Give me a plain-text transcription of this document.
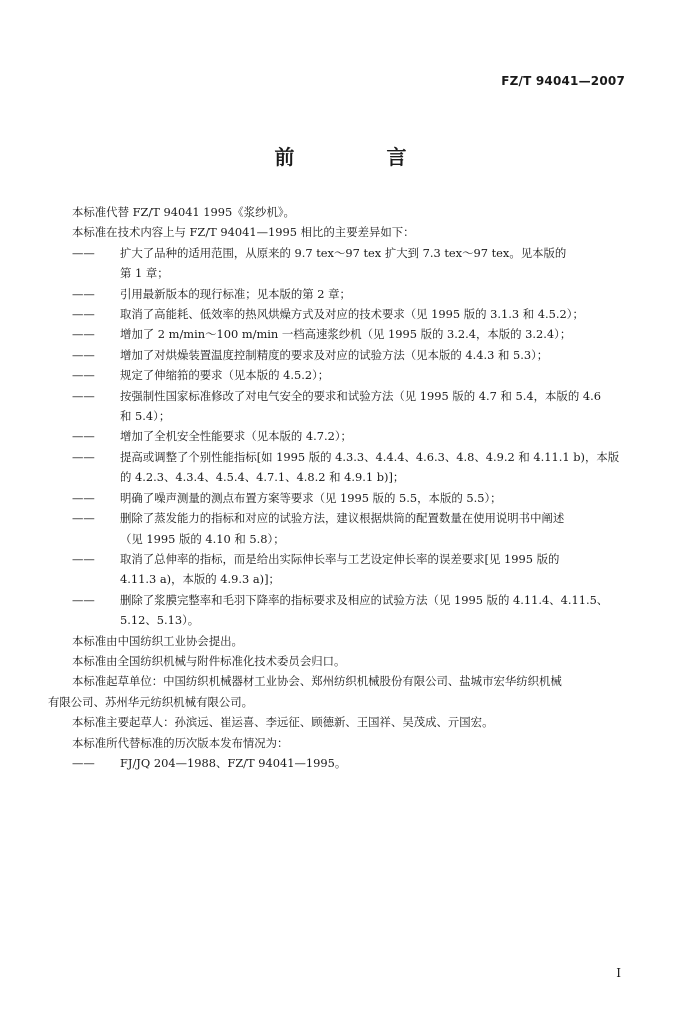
FZ/T 94041—2007
前　言
本标准代替 FZ/T 94041 1995《浆纱机》。
本标准在技术内容上与 FZ/T 94041—1995 相比的主要差异如下：
——	扩大了品种的适用范围，从原来的 9.7 tex～97 tex 扩大到 7.3 tex～97 tex。见本版的
第 1 章；
——	引用最新版本的现行标准；见本版的第 2 章；
——	取消了高能耗、低效率的热风烘燥方式及对应的技术要求（见 1995 版的 3.1.3 和 4.5.2）；
——	增加了 2 m/min～100 m/min 一档高速浆纱机（见 1995 版的 3.2.4，本版的 3.2.4）；
——	增加了对烘燥装置温度控制精度的要求及对应的试验方法（见本版的 4.4.3 和 5.3）；
——	规定了伸缩筘的要求（见本版的 4.5.2）；
——	按强制性国家标准修改了对电气安全的要求和试验方法（见 1995 版的 4.7 和 5.4，本版的 4.6
和 5.4）；
——	增加了全机安全性能要求（见本版的 4.7.2）；
——	提高或调整了个别性能指标[如 1995 版的 4.3.3、4.4.4、4.6.3、4.8、4.9.2 和 4.11.1 b)，本版
的 4.2.3、4.3.4、4.5.4、4.7.1、4.8.2 和 4.9.1 b)]；
——	明确了噪声测量的测点布置方案等要求（见 1995 版的 5.5，本版的 5.5）；
——	删除了蒸发能力的指标和对应的试验方法，建议根据烘筒的配置数量在使用说明书中阐述
（见 1995 版的 4.10 和 5.8）；
——	取消了总伸率的指标，而是给出实际伸长率与工艺设定伸长率的误差要求[见 1995 版的
4.11.3 a)，本版的 4.9.3 a)]；
——	删除了浆膜完整率和毛羽下降率的指标要求及相应的试验方法（见 1995 版的 4.11.4、4.11.5、
5.12、5.13）。
本标准由中国纺织工业协会提出。
本标准由全国纺织机械与附件标准化技术委员会归口。
本标准起草单位：中国纺织机械器材工业协会、郑州纺织机械股份有限公司、盐城市宏华纺织机械
有限公司、苏州华元纺织机械有限公司。
本标准主要起草人：孙滨远、崔运喜、李远征、顾德新、王国祥、吴茂成、亓国宏。
本标准所代替标准的历次版本发布情况为：
——	FJ/JQ 204—1988、FZ/T 94041—1995。
I
